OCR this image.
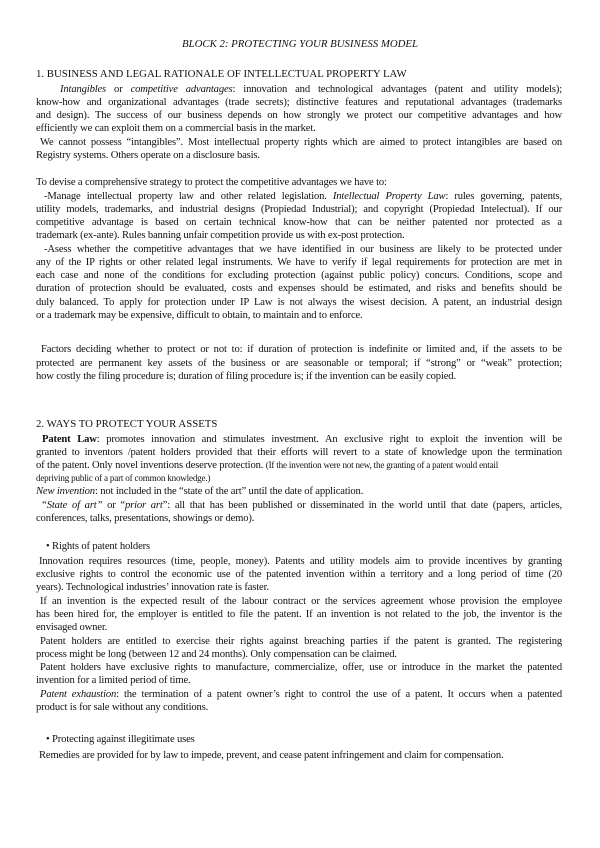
BLOCK 2: PROTECTING YOUR BUSINESS MODEL
1. BUSINESS AND LEGAL RATIONALE OF INTELLECTUAL PROPERTY LAW
Intangibles or competitive advantages: innovation and technological advantages (patent and utility models);
know-how and organizational advantages (trade secrets); distinctive features and reputational advantages (trademarks
and design). The success of our business depends on how strongly we protect our competitive advantages and how
efficiently we can exploit them on a commercial basis in the market.
We cannot possess “intangibles”. Most intellectual property rights which are aimed to protect intangibles are based on
Registry systems. Others operate on a disclosure basis.
To devise a comprehensive strategy to protect the competitive advantages we have to:
-Manage intellectual property law and other related legislation. Intellectual Property Law: rules governing, patents,
utility models, trademarks, and industrial designs (Propiedad Industrial); and copyright (Propiedad Intelectual). If our
competitive advantage is based on certain technical know-how that can be neither patented nor protected as a
trademark (ex-ante). Rules banning unfair competition provide us with ex-post protection.
-Asess whether the competitive advantages that we have identified in our business are likely to be protected under
any of the IP rights or other related legal instruments. We have to verify if legal requirements for protection are met in
each case and none of the conditions for excluding protection (against public policy) concurs. Conditions, scope and
duration of protection should be evaluated, costs and expenses should be estimated, and risks and benefits should be
duly balanced. To apply for protection under IP Law is not always the wisest decision. A patent, an industrial design
or a trademark may be expensive, difficult to obtain, to maintain and to enforce.
Factors deciding whether to protect or not to: if duration of protection is indefinite or limited and, if the assets to be
protected are permanent key assets of the business or are seasonable or temporal; if “strong” or “weak” protection;
how costly the filing procedure is; duration of filing procedure is; if the invention can be easily copied.
2. WAYS TO PROTECT YOUR ASSETS
Patent Law: promotes innovation and stimulates investment. An exclusive right to exploit the invention will be
granted to inventors /patent holders provided that their efforts will revert to a state of knowledge upon the termination
of the patent. Only novel inventions deserve protection. (If the invention were not new, the granting of a patent would entail
depriving public of a part of common knowledge.)
New invention: not included in the “state of the art” until the date of application.
“State of art” or “prior art”: all that has been published or disseminated in the world until that date (papers, articles,
conferences, talks, presentations, showings or demo).
• Rights of patent holders
Innovation requires resources (time, people, money). Patents and utility models aim to provide incentives by granting
exclusive rights to control the economic use of the patented invention within a territory and a long period of time (20
years). Technological industries’ innovation rate is faster.
If an invention is the expected result of the labour contract or the services agreement whose provision the employee
has been hired for, the employer is entitled to file the patent. If an invention is not related to the job, the inventor is the
envisaged owner.
Patent holders are entitled to exercise their rights against breaching parties if the patent is granted. The registering
process might be long (between 12 and 24 months). Only compensation can be claimed.
Patent holders have exclusive rights to manufacture, commercialize, offer, use or introduce in the market the patented
invention for a limited period of time.
Patent exhaustion: the termination of a patent owner’s right to control the use of a patent. It occurs when a patented
product is for sale without any conditions.
• Protecting against illegitimate uses
Remedies are provided for by law to impede, prevent, and cease patent infringement and claim for compensation.
